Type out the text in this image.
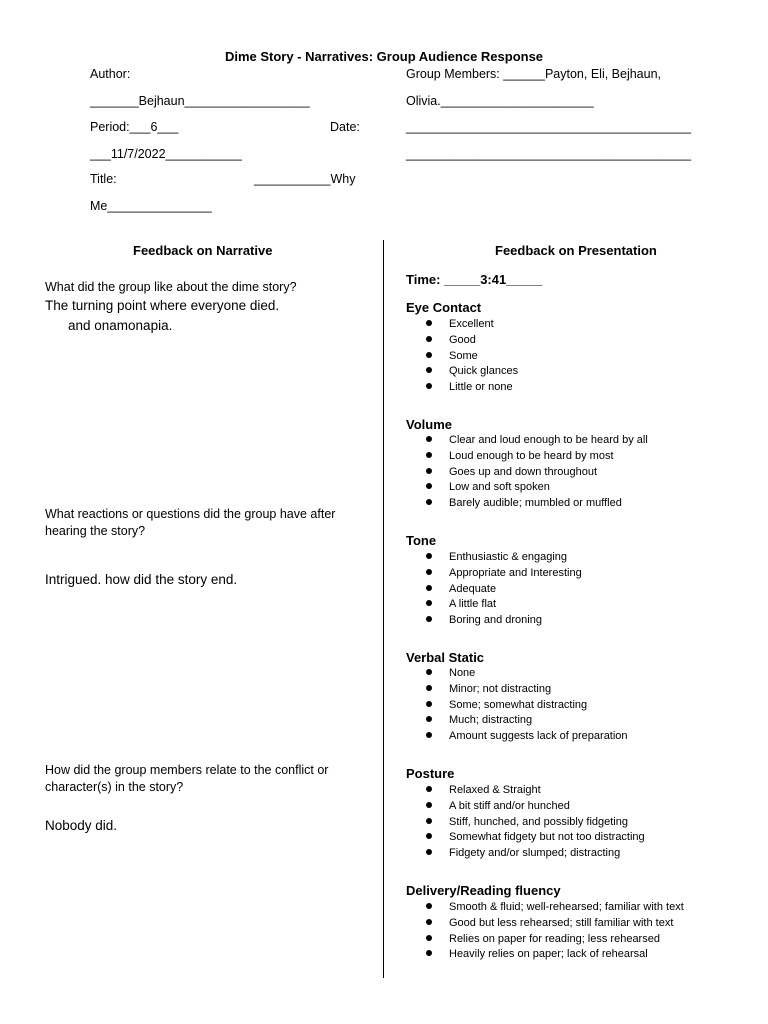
Dime Story - Narratives: Group Audience Response
Author:
_______Bejhaun__________________
Period:___6___	Date:
___11/7/2022___________
Title:	___________Why
Me_______________
Group Members: ______Payton, Eli, Bejhaun,
Olivia.______________________
_________________________________________
_________________________________________
Feedback on Narrative
What did the group like about the dime story?
The turning point where everyone died.
and onamonapia.
What reactions or questions did the group have after hearing the story?
Intrigued. how did the story end.
How did the group members relate to the conflict or character(s) in the story?
Nobody did.
Feedback on Presentation
Time: _____3:41_____
Eye Contact
Excellent
Good
Some
Quick glances
Little or none
Volume
Clear and loud enough to be heard by all
Loud enough to be heard by most
Goes up and down throughout
Low and soft spoken
Barely audible; mumbled or muffled
Tone
Enthusiastic & engaging
Appropriate and Interesting
Adequate
A little flat
Boring and droning
Verbal Static
None
Minor; not distracting
Some; somewhat distracting
Much; distracting
Amount suggests lack of preparation
Posture
Relaxed & Straight
A bit stiff and/or hunched
Stiff, hunched, and possibly fidgeting
Somewhat fidgety but not too distracting
Fidgety and/or slumped; distracting
Delivery/Reading fluency
Smooth & fluid; well-rehearsed; familiar with text
Good but less rehearsed; still familiar with text
Relies on paper for reading; less rehearsed
Heavily relies on paper; lack of rehearsal
